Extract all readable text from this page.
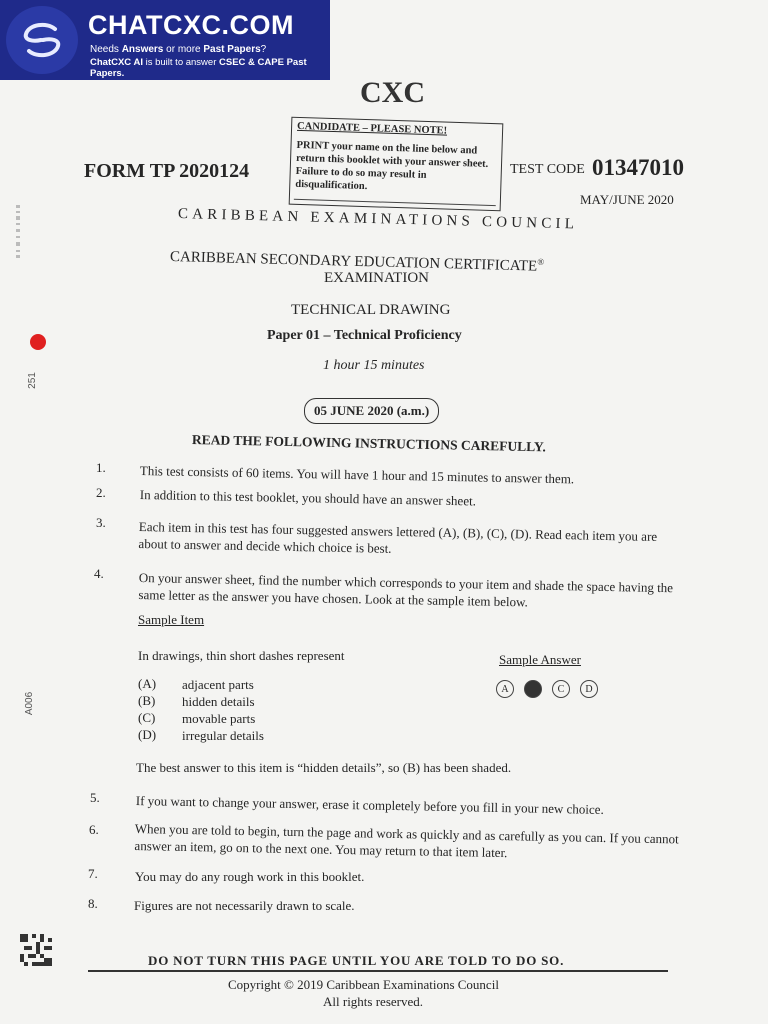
CHATCXC.COM
Needs Answers or more Past Papers?
ChatCXC AI is built to answer CSEC & CAPE Past Papers.
CXC
CANDIDATE – PLEASE NOTE!
PRINT your name on the line below and return this booklet with your answer sheet. Failure to do so may result in disqualification.
FORM TP 2020124	TEST CODE 01347010
MAY/JUNE 2020
CARIBBEAN EXAMINATIONS COUNCIL
CARIBBEAN SECONDARY EDUCATION CERTIFICATE®
EXAMINATION
TECHNICAL DRAWING
Paper 01 – Technical Proficiency
1 hour 15 minutes
05 JUNE 2020 (a.m.)
READ THE FOLLOWING INSTRUCTIONS CAREFULLY.
1.	This test consists of 60 items. You will have 1 hour and 15 minutes to answer them.
2.	In addition to this test booklet, you should have an answer sheet.
3.	Each item in this test has four suggested answers lettered (A), (B), (C), (D). Read each item you are about to answer and decide which choice is best.
4.	On your answer sheet, find the number which corresponds to your item and shade the space having the same letter as the answer you have chosen. Look at the sample item below.
Sample Item
In drawings, thin short dashes represent
(A) adjacent parts
(B) hidden details
(C) movable parts
(D) irregular details
Sample Answer
A	C	D
The best answer to this item is “hidden details”, so (B) has been shaded.
5.	If you want to change your answer, erase it completely before you fill in your new choice.
6.	When you are told to begin, turn the page and work as quickly and as carefully as you can. If you cannot answer an item, go on to the next one. You may return to that item later.
7.	You may do any rough work in this booklet.
8.	Figures are not necessarily drawn to scale.
DO NOT TURN THIS PAGE UNTIL YOU ARE TOLD TO DO SO.
Copyright © 2019 Caribbean Examinations Council
All rights reserved.
251
A006
